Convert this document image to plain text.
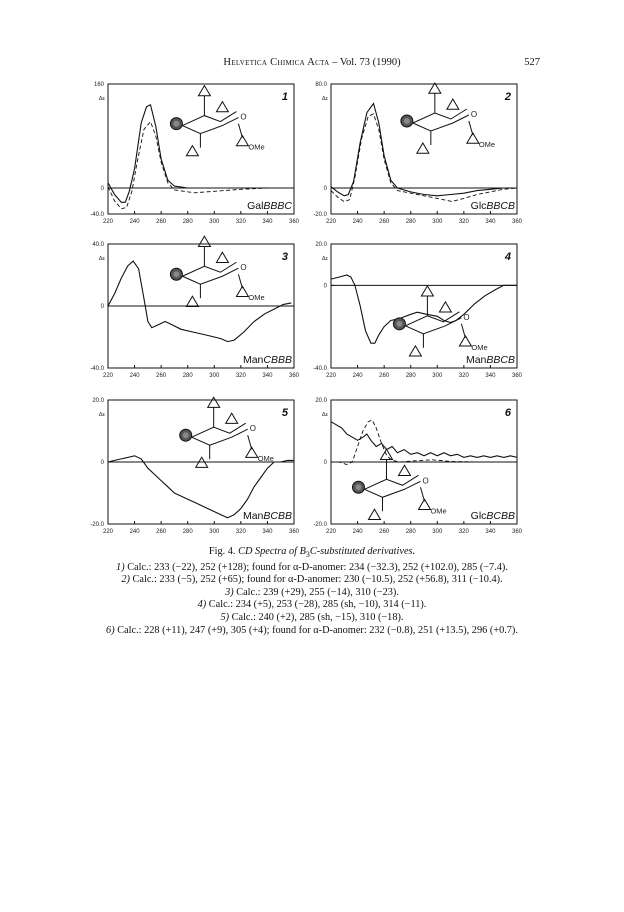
Helvetica Chimica Acta – Vol. 73 (1990)	527
160
0
-40.0
Δε
220	240	260	280	300	320	340	360
1
GalBBBC
O
OMe
80.0
0
-20.0
Δε
220	240	260	280	300	320	340	360
2
GlcBBCB
O
OMe
40.0
0
-40.0
Δε
220	240	260	280	300	320	340	360
3
ManCBBB
O
OMe
20.0
0
-40.0
Δε
220	240	260	280	300	320	340	360
4
ManBBCB
O
OMe
20.0
0
-20.0
Δε
220	240	260	280	300	320	340	360
5
ManBCBB
O
OMe
20.0
0
-20.0
Δε
220	240	260	280	300	320	340	360
6
GlcBCBB
O
OMe
Fig. 4. CD Spectra of $B_3C$-substituted derivatives.
1) Calc.: 233 (−22), 252 (+128); found for α-D-anomer: 234 (−32.3), 252 (+102.0), 285 (−7.4).
2) Calc.: 233 (−5), 252 (+65); found for α-D-anomer: 230 (−10.5), 252 (+56.8), 311 (−10.4).
3) Calc.: 239 (+29), 255 (−14), 310 (−23).
4) Calc.: 234 (+5), 253 (−28), 285 (sh, −10), 314 (−11).
5) Calc.: 240 (+2), 285 (sh, −15), 310 (−18).
6) Calc.: 228 (+11), 247 (+9), 305 (+4); found for α-D-anomer: 232 (−0.8), 251 (+13.5), 296 (+0.7).
